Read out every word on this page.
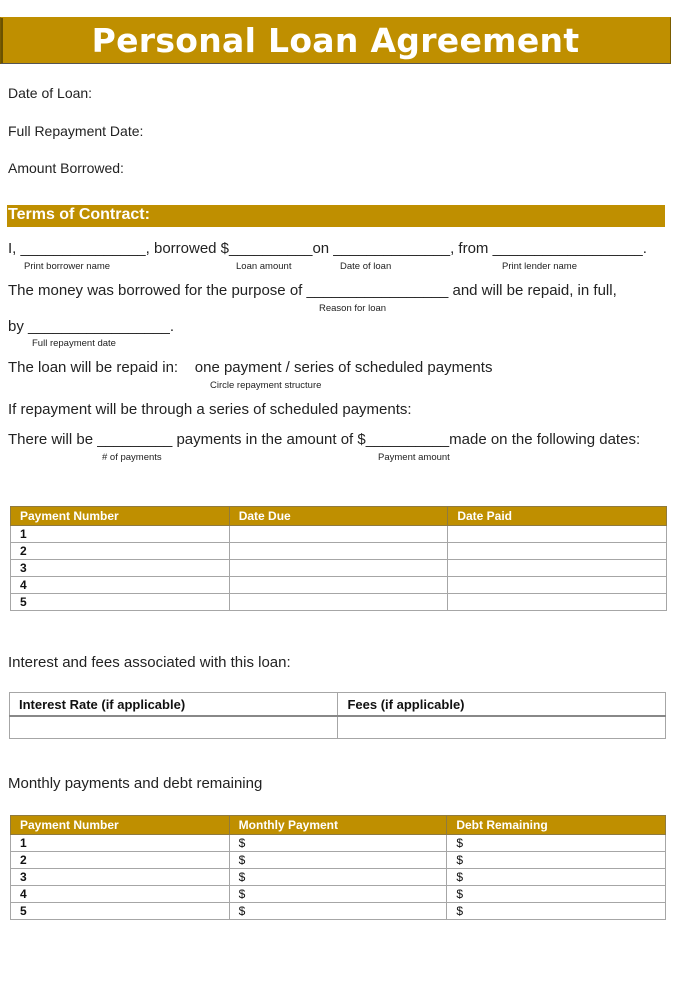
Personal Loan Agreement
Date of Loan:
Full Repayment Date:
Amount Borrowed:
Terms of Contract:
I, _______________, borrowed $__________on ______________, from __________________.
Print borrower name	Loan amount	Date of loan	Print lender name
The money was borrowed for the purpose of _________________ and will be repaid, in full,
Reason for loan
by _________________.
Full repayment date
The loan will be repaid in:    one payment / series of scheduled payments
Circle repayment structure
If repayment will be through a series of scheduled payments:
There will be _________ payments in the amount of $__________made on the following dates:
# of payments	Payment amount
Payment Number	Date Due	Date Paid
1		
2		
3		
4		
5		
Interest and fees associated with this loan:
Interest Rate (if applicable)	Fees (if applicable)

Monthly payments and debt remaining
Payment Number	Monthly Payment	Debt Remaining
1	$	$
2	$	$
3	$	$
4	$	$
5	$	$
